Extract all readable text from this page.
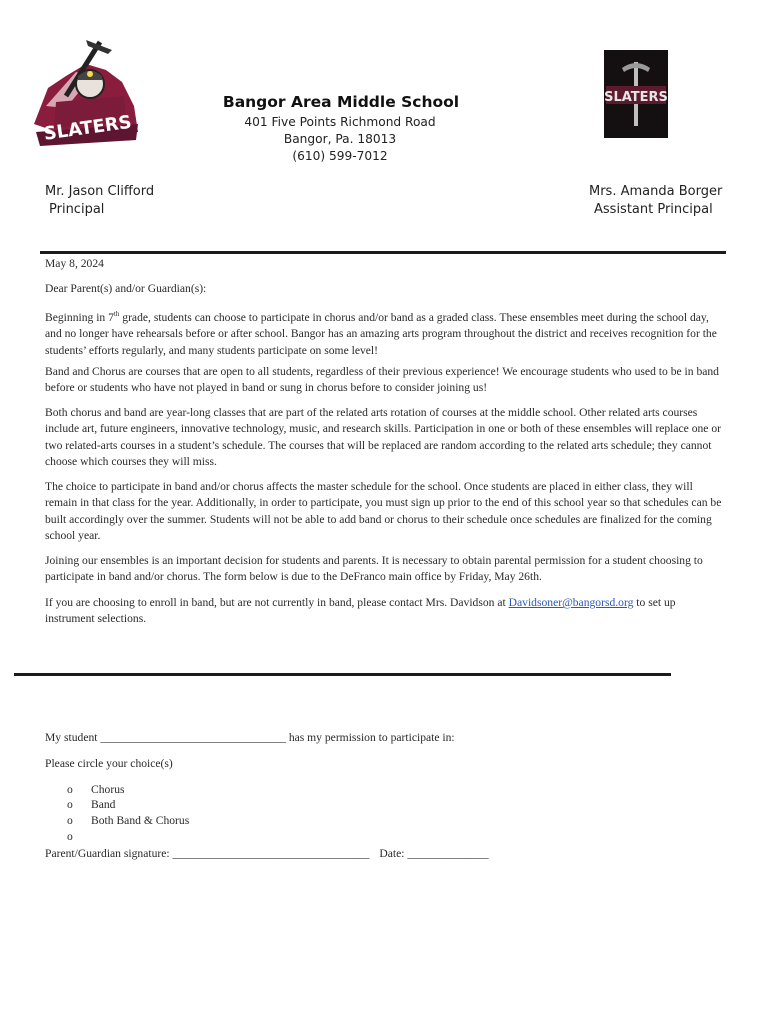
SLATERS
SLATERS
Bangor Area Middle School
401 Five Points Richmond Road
Bangor, Pa. 18013
(610) 599-7012
Mr. Jason Clifford
Principal
Mrs. Amanda Borger
Assistant Principal

May 8, 2024

Dear Parent(s) and/or Guardian(s):

Beginning in 7th grade, students can choose to participate in chorus and/or band as a graded class. These ensembles meet during the school day, and no longer have rehearsals before or after school. Bangor has an amazing arts program throughout the district and receives recognition for the students’ efforts regularly, and many students participate on some level!

Band and Chorus are courses that are open to all students, regardless of their previous experience! We encourage students who used to be in band before or students who have not played in band or sung in chorus before to consider joining us!

Both chorus and band are year-long classes that are part of the related arts rotation of courses at the middle school. Other related arts courses include art, future engineers, innovative technology, music, and research skills. Participation in one or both of these ensembles will replace one or two related-arts courses in a student’s schedule. The courses that will be replaced are random according to the related arts schedule; they cannot choose which courses they will miss.

The choice to participate in band and/or chorus affects the master schedule for the school. Once students are placed in either class, they will remain in that class for the year. Additionally, in order to participate, you must sign up prior to the end of this school year so that schedules can be built accordingly over the summer. Students will not be able to add band or chorus to their schedule once schedules are finalized for the coming school year.

Joining our ensembles is an important decision for students and parents. It is necessary to obtain parental permission for a student choosing to participate in band and/or chorus. The form below is due to the DeFranco main office by Friday, May 26th.

If you are choosing to enroll in band, but are not currently in band, please contact Mrs. Davidson at Davidsoner@bangorsd.org to set up instrument selections.

My student ________________________________ has my permission to participate in:
Please circle your choice(s)
o Chorus
o Band
o Both Band & Chorus
o
Parent/Guardian signature: __________________________________ Date: ______________
